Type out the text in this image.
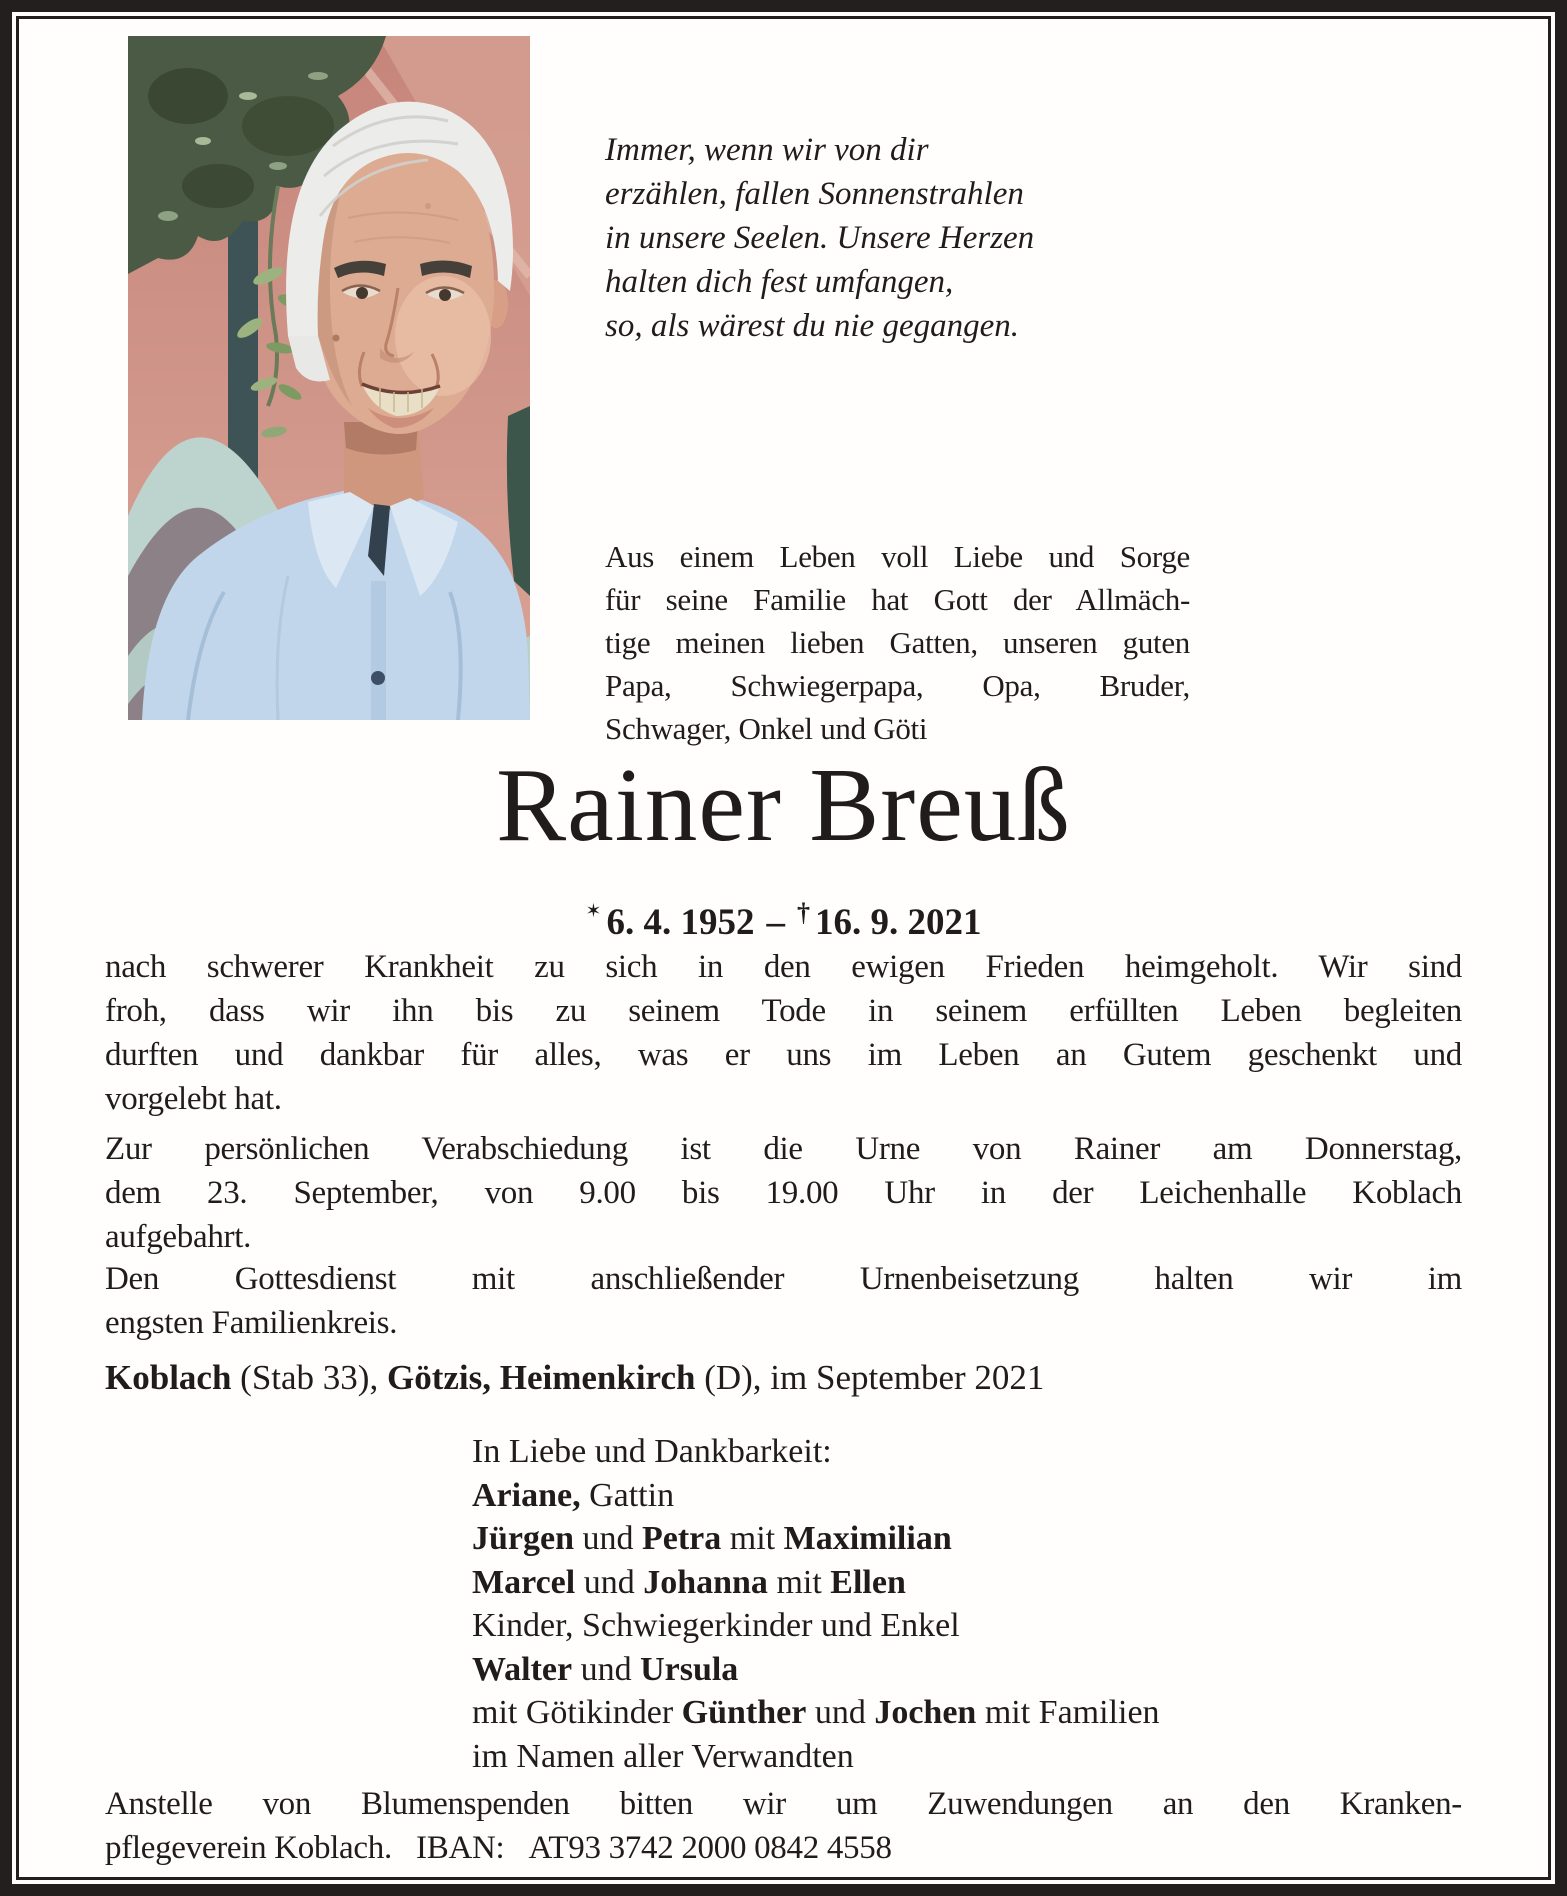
Immer, wenn wir von dir
erzählen, fallen Sonnenstrahlen
in unsere Seelen. Unsere Herzen
halten dich fest umfangen,
so, als wärest du nie gegangen.
Aus einem Leben voll Liebe und Sorge
für seine Familie hat Gott der Allmäch-
tige meinen lieben Gatten, unseren guten
Papa, Schwiegerpapa, Opa, Bruder,
Schwager, Onkel und Göti
Rainer Breuß
✶ 6. 4. 1952 – † 16. 9. 2021
nach schwerer Krankheit zu sich in den ewigen Frieden heimgeholt. Wir sind
froh, dass wir ihn bis zu seinem Tode in seinem erfüllten Leben begleiten
durften und dankbar für alles, was er uns im Leben an Gutem geschenkt und
vorgelebt hat.
Zur persönlichen Verabschiedung ist die Urne von Rainer am Donnerstag,
dem 23. September, von 9.00 bis 19.00 Uhr in der Leichenhalle Koblach
aufgebahrt.
Den Gottesdienst mit anschließender Urnenbeisetzung halten wir im
engsten Familienkreis.
Koblach (Stab 33), Götzis, Heimenkirch (D), im September 2021
In Liebe und Dankbarkeit:
Ariane, Gattin
Jürgen und Petra mit Maximilian
Marcel und Johanna mit Ellen
Kinder, Schwiegerkinder und Enkel
Walter und Ursula
mit Götikinder Günther und Jochen mit Familien
im Namen aller Verwandten
Anstelle von Blumenspenden bitten wir um Zuwendungen an den Kranken-
pflegeverein Koblach.  IBAN:  AT93 3742 2000 0842 4558
